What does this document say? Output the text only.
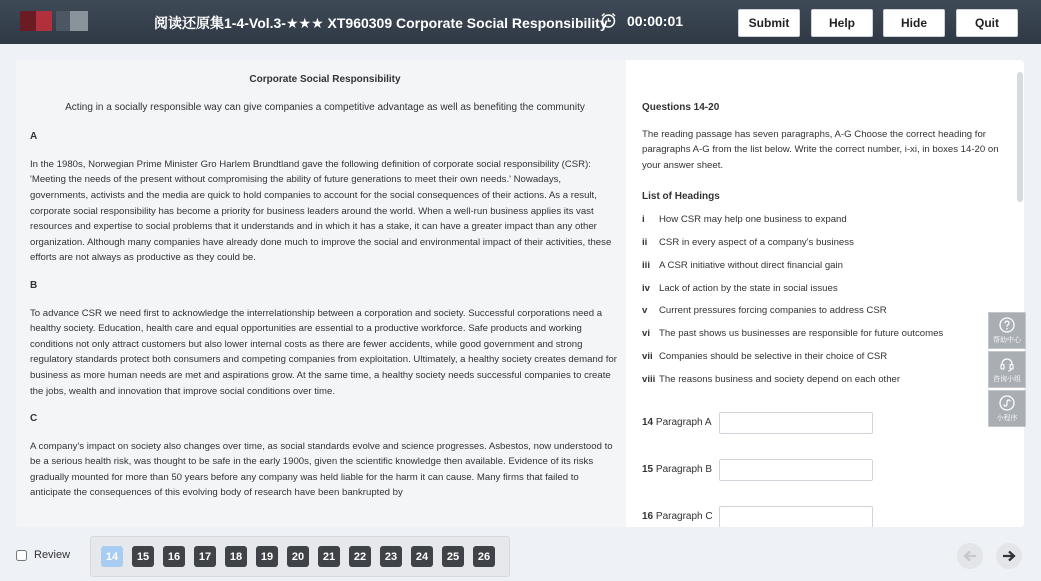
阅读还原集1-4-Vol.3-★★★ XT960309 Corporate Social Responsibility 00:00:01	Submit	Help	Hide	Quit
Corporate Social Responsibility
Acting in a socially responsible way can give companies a competitive advantage as well as benefiting the community
A
In the 1980s, Norwegian Prime Minister Gro Harlem Brundtland gave the following definition of corporate social responsibility (CSR): 'Meeting the needs of the present without compromising the ability of future generations to meet their own needs.' Nowadays, governments, activists and the media are quick to hold companies to account for the social consequences of their actions. As a result, corporate social responsibility has become a priority for business leaders around the world. When a well-run business applies its vast resources and expertise to social problems that it understands and in which it has a stake, it can have a greater impact than any other organization. Although many companies have already done much to improve the social and environmental impact of their activities, these efforts are not always as productive as they could be.
B
To advance CSR we need first to acknowledge the interrelationship between a corporation and society. Successful corporations need a healthy society. Education, health care and equal opportunities are essential to a productive workforce. Safe products and working conditions not only attract customers but also lower internal costs as there are fewer accidents, while good government and strong regulatory standards protect both consumers and competing companies from exploitation. Ultimately, a healthy society creates demand for business as more human needs are met and aspirations grow. At the same time, a healthy society needs successful companies to create the jobs, wealth and innovation that improve social conditions over time.
C
A company's impact on society also changes over time, as social standards evolve and science progresses. Asbestos, now understood to be a serious health risk, was thought to be safe in the early 1900s, given the scientific knowledge then available. Evidence of its risks gradually mounted for more than 50 years before any company was held liable for the harm it can cause. Many firms that failed to anticipate the consequences of this evolving body of research have been bankrupted by
Questions 14-20
The reading passage has seven paragraphs, A-G Choose the correct heading for paragraphs A-G from the list below. Write the correct number, i-xi, in boxes 14-20 on your answer sheet.
List of Headings
i	How CSR may help one business to expand
ii	CSR in every aspect of a company's business
iii A CSR initiative without direct financial gain
iv Lack of action by the state in social issues
v	Current pressures forcing companies to address CSR
vi The past shows us businesses are responsible for future outcomes
vii Companies should be selective in their choice of CSR
viii The reasons business and society depend on each other
14 Paragraph A
15 Paragraph B
16 Paragraph C
帮助中心
咨询小组
小程序
Review	14	15	16	17	18	19	20	21	22	23	24	25	26
